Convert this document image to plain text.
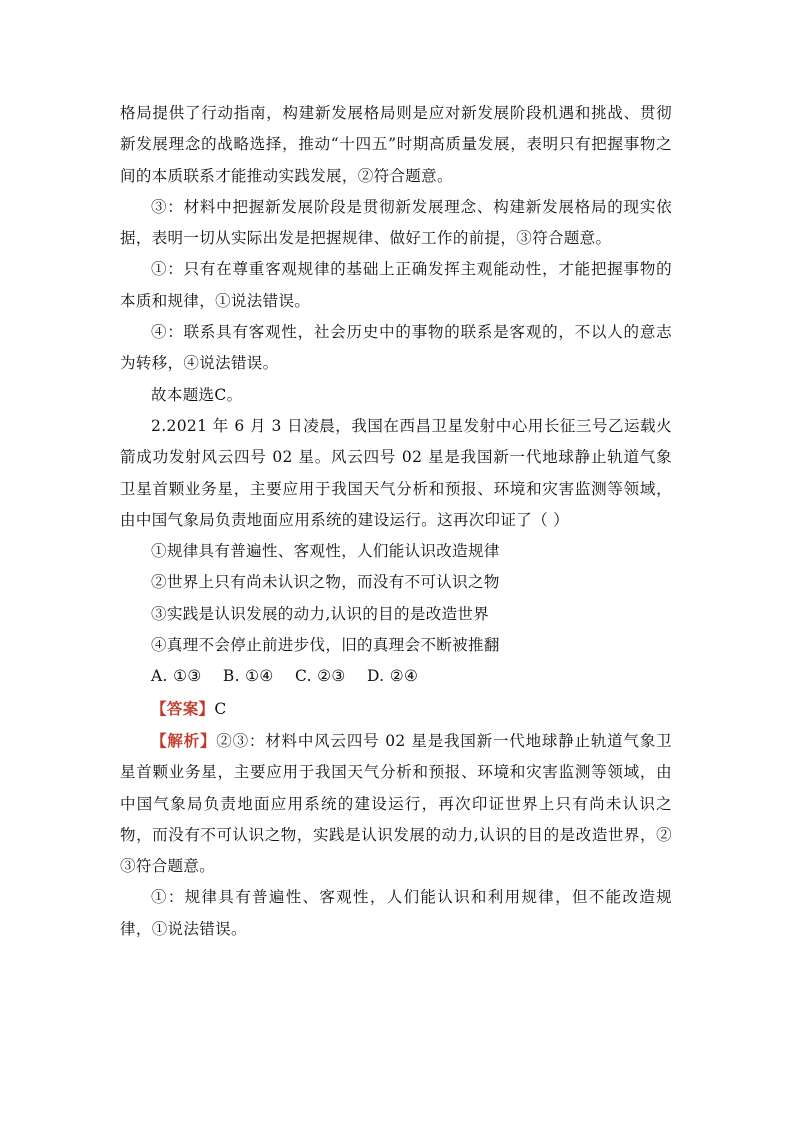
格局提供了行动指南，构建新发展格局则是应对新发展阶段机遇和挑战、贯彻新发展理念的战略选择，推动“十四五”时期高质量发展，表明只有把握事物之间的本质联系才能推动实践发展，②符合题意。

③：材料中把握新发展阶段是贯彻新发展理念、构建新发展格局的现实依据，表明一切从实际出发是把握规律、做好工作的前提，③符合题意。

①：只有在尊重客观规律的基础上正确发挥主观能动性，才能把握事物的本质和规律，①说法错误。

④：联系具有客观性，社会历史中的事物的联系是客观的，不以人的意志为转移，④说法错误。

故本题选C。

2.2021 年 6 月 3 日凌晨，我国在西昌卫星发射中心用长征三号乙运载火箭成功发射风云四号 02 星。风云四号 02 星是我国新一代地球静止轨道气象卫星首颗业务星，主要应用于我国天气分析和预报、环境和灾害监测等领域，由中国气象局负责地面应用系统的建设运行。这再次印证了（ ）

①规律具有普遍性、客观性，人们能认识改造规律

②世界上只有尚未认识之物，而没有不可认识之物

③实践是认识发展的动力,认识的目的是改造世界

④真理不会停止前进步伐，旧的真理会不断被推翻

A. ①③ B. ①④ C. ②③ D. ②④

【答案】C

【解析】②③：材料中风云四号 02 星是我国新一代地球静止轨道气象卫星首颗业务星，主要应用于我国天气分析和预报、环境和灾害监测等领域，由中国气象局负责地面应用系统的建设运行，再次印证世界上只有尚未认识之物，而没有不可认识之物，实践是认识发展的动力,认识的目的是改造世界，②③符合题意。

①：规律具有普遍性、客观性，人们能认识和利用规律，但不能改造规律，①说法错误。
